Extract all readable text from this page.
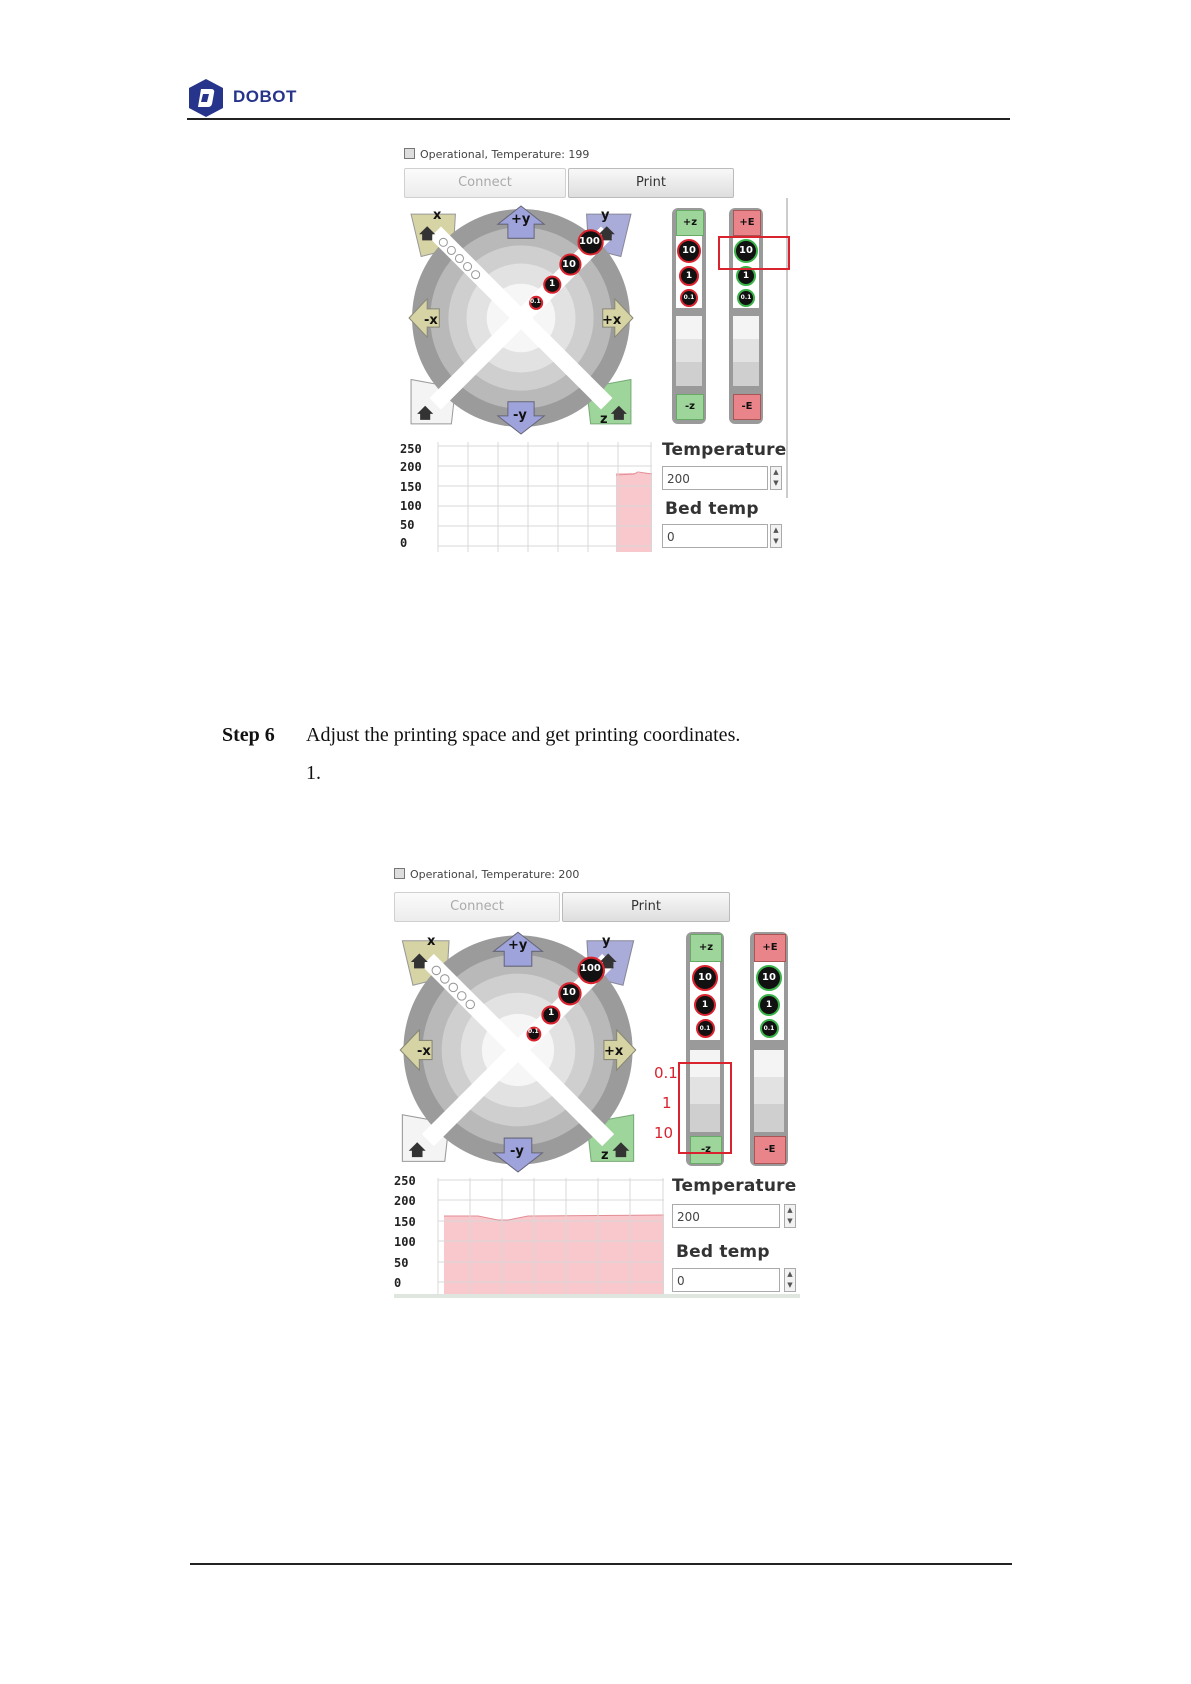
DOBOT
Operational, Temperature: 199
Connect	Print
x	y
z
+y
-y
-x	+x
100
10
1
0.1
+z
10
1
0.1
-z
+E
10
1
0.1
-E
250
200
150
100
50
0
Temperature
200	▲
▼
Bed temp
0	▲
▼
Step 6 Adjust the printing space and get printing coordinates.
1.
Operational, Temperature: 200
Connect	Print
x	y
z
+y
-y
-x	+x
100
10
1
0.1
+z
10
1
0.1
-z
+E
10
1
0.1
-E
0.1
1
10
250
200
150
100
50
0
Temperature
200	▲
▼
Bed temp
0	▲
▼
